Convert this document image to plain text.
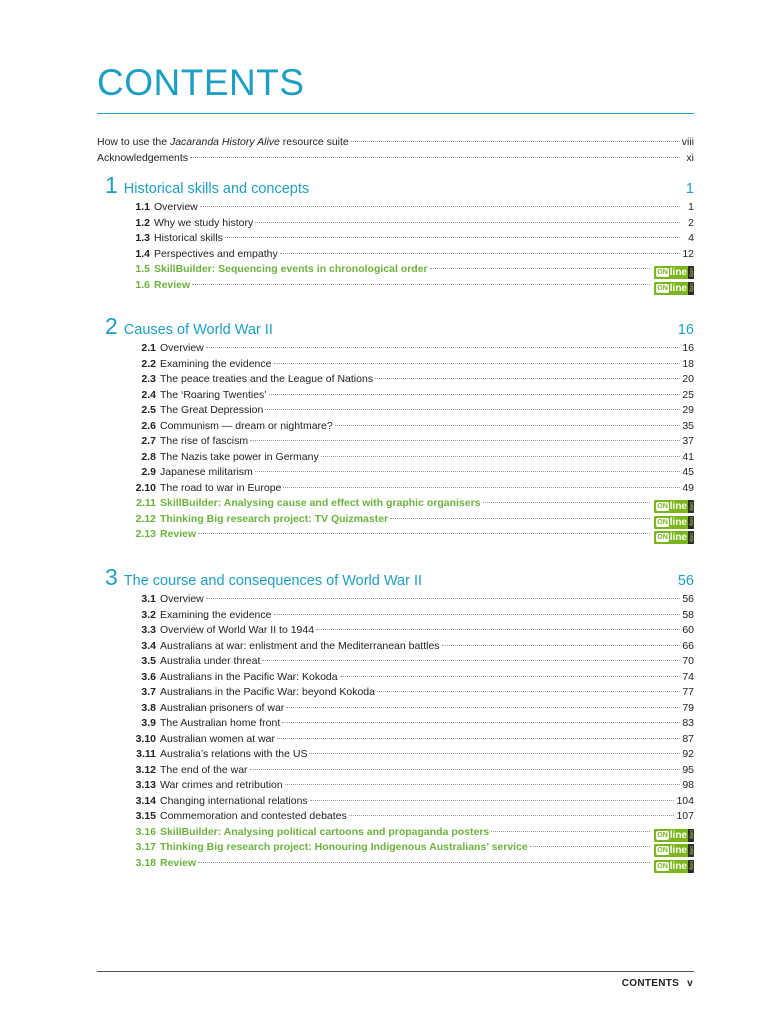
CONTENTS
How to use the Jacaranda History Alive resource suite	viii
Acknowledgements	xi
1 Historical skills and concepts	1
1.1 Overview	1
1.2 Why we study history	2
1.3 Historical skills	4
1.4 Perspectives and empathy	12
1.5 SkillBuilder: Sequencing events in chronological order	ON line only
1.6 Review	ON line only
2 Causes of World War II	16
2.1 Overview	16
2.2 Examining the evidence	18
2.3 The peace treaties and the League of Nations	20
2.4 The ‘Roaring Twenties’	25
2.5 The Great Depression	29
2.6 Communism — dream or nightmare?	35
2.7 The rise of fascism	37
2.8 The Nazis take power in Germany	41
2.9 Japanese militarism	45
2.10 The road to war in Europe	49
2.11 SkillBuilder: Analysing cause and effect with graphic organisers	ON line only
2.12 Thinking Big research project: TV Quizmaster	ON line only
2.13 Review	ON line only
3 The course and consequences of World War II	56
3.1 Overview	56
3.2 Examining the evidence	58
3.3 Overview of World War II to 1944	60
3.4 Australians at war: enlistment and the Mediterranean battles	66
3.5 Australia under threat	70
3.6 Australians in the Pacific War: Kokoda	74
3.7 Australians in the Pacific War: beyond Kokoda	77
3.8 Australian prisoners of war	79
3.9 The Australian home front	83
3.10 Australian women at war	87
3.11 Australia’s relations with the US	92
3.12 The end of the war	95
3.13 War crimes and retribution	98
3.14 Changing international relations	104
3.15 Commemoration and contested debates	107
3.16 SkillBuilder: Analysing political cartoons and propaganda posters	ON line only
3.17 Thinking Big research project: Honouring Indigenous Australians’ service	ON line only
3.18 Review	ON line only
CONTENTS v
